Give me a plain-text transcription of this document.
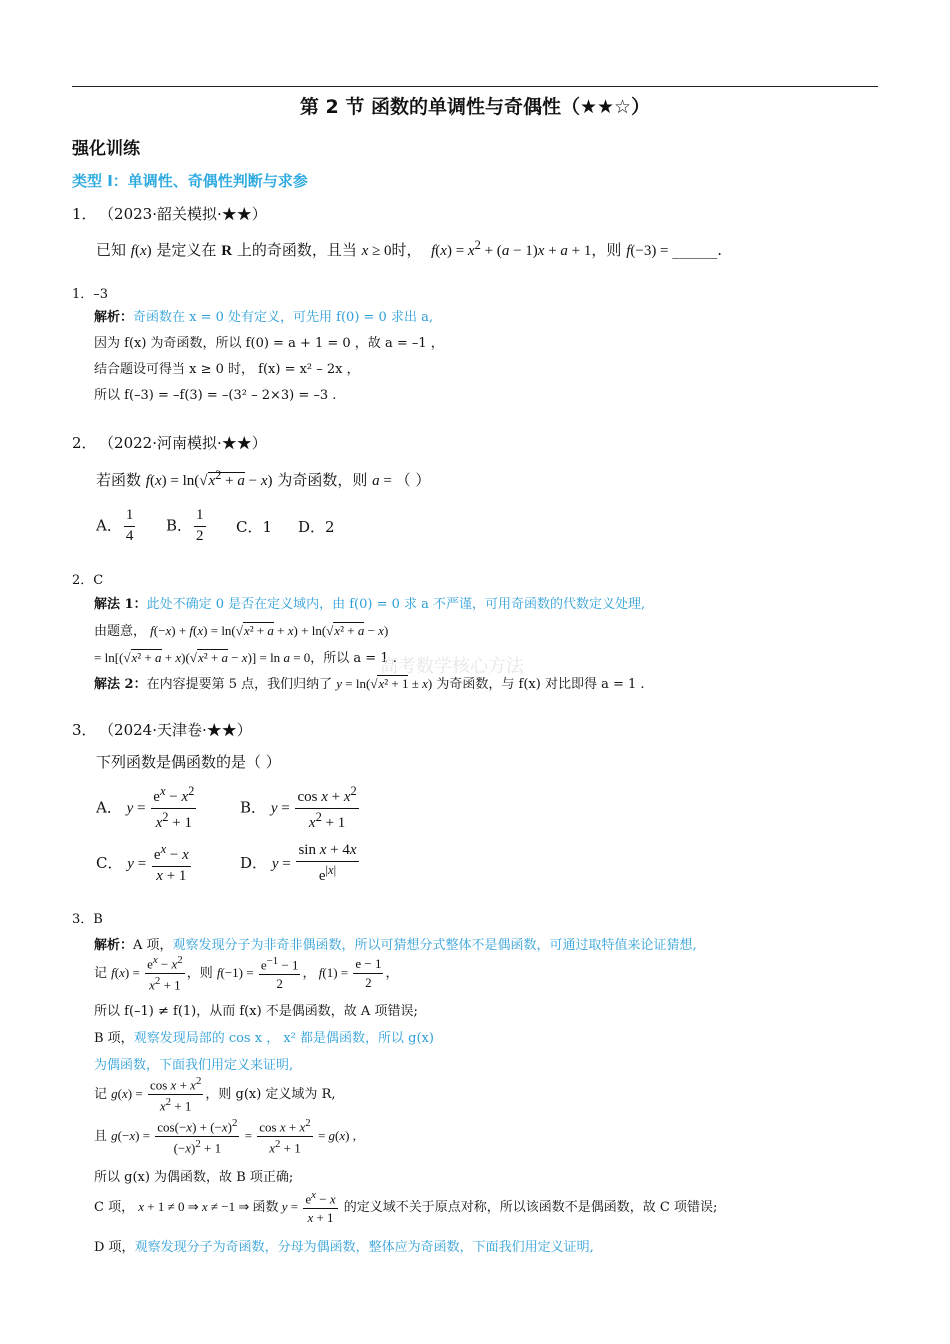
第 2 节 函数的单调性与奇偶性（★★☆）
强化训练
类型 I：单调性、奇偶性判断与求参
1． （2023·韶关模拟·★★）
已知 f(x) 是定义在 R 上的奇函数，且当 x ≥ 0时， $f(x) = x^2 + (a - 1)x + a + 1$，则 f(−3) = ______.
1．–3
解析：奇函数在 x = 0 处有定义，可先用 f(0) = 0 求出 a,
因为 f(x) 为奇函数，所以 f(0) = a + 1 = 0 ，故 a = –1 ，
结合题设可得当 x ≥ 0 时， f(x) = x² – 2x ，
所以 f(–3) = –f(3) = –(3² – 2×3) = –3 .
2． （2022·河南模拟·★★）
若函数 $f(x) = \ln(√x^2 + a - x)$ 为奇函数，则 a = （ ）
A． $\frac{1}{4}$ B． $\frac{1}{2}$ C．1 D．2
2．C
解法 1：此处不确定 0 是否在定义域内，由 f(0) = 0 求 a 不严谨，可用奇函数的代数定义处理,
由题意， f(−x) + f(x) = ln(√x² + a + x) + ln(√x² + a − x)
= ln[(√x² + a + x)(√x² + a − x)] = ln a = 0，所以 a = 1 .
高考数学核心方法
解法 2：在内容提要第 5 点，我们归纳了 y = ln(√x² + 1 ± x) 为奇函数，与 f(x) 对比即得 a = 1 .
3． （2024·天津卷·★★）
下列函数是偶函数的是（ ）
A． $y = \frac{e^x - x^2}{x^2 + 1}$	B． $y = \frac{\cos x + x^2}{x^2 + 1}$
C． $y = \frac{e^x - x}{x + 1}$	D． $y = \frac{\text{sin x + 4x}}{e^{|x|}}$
3．B
解析：A 项，观察发现分子为非奇非偶函数，所以可猜想分式整体不是偶函数，可通过取特值来论证猜想,
记 $f(x) = \frac{e^x - x^2}{x^2 + 1}$ ，则 $f(-1) = \frac{e^{-1} - 1}{2}$ ， $f(1) = \frac{e - 1}{2}$ ，
所以 f(–1) ≠ f(1)，从而 f(x) 不是偶函数，故 A 项错误;
B 项，观察发现局部的 cos x ， x² 都是偶函数，所以 g(x)
为偶函数，下面我们用定义来证明,
记 $g(x) = \frac{\cos x + x^2}{x^2 + 1}$ ，则 g(x) 定义域为 R,
且 $g(-x) = \frac{\cos(-x) + (-x)^2}{(-x)^2 + 1} = \frac{\cos x + x^2}{x^2 + 1} = g(x)$ ,
所以 g(x) 为偶函数，故 B 项正确;
C 项， x + 1 ≠ 0 ⇒ x ≠ −1 ⇒ 函数 $y = \frac{e^x - x}{x + 1}$ 的定义域不关于原点对称，所以该函数不是偶函数，故 C 项错误;
D 项，观察发现分子为奇函数，分母为偶函数，整体应为奇函数，下面我们用定义证明,
